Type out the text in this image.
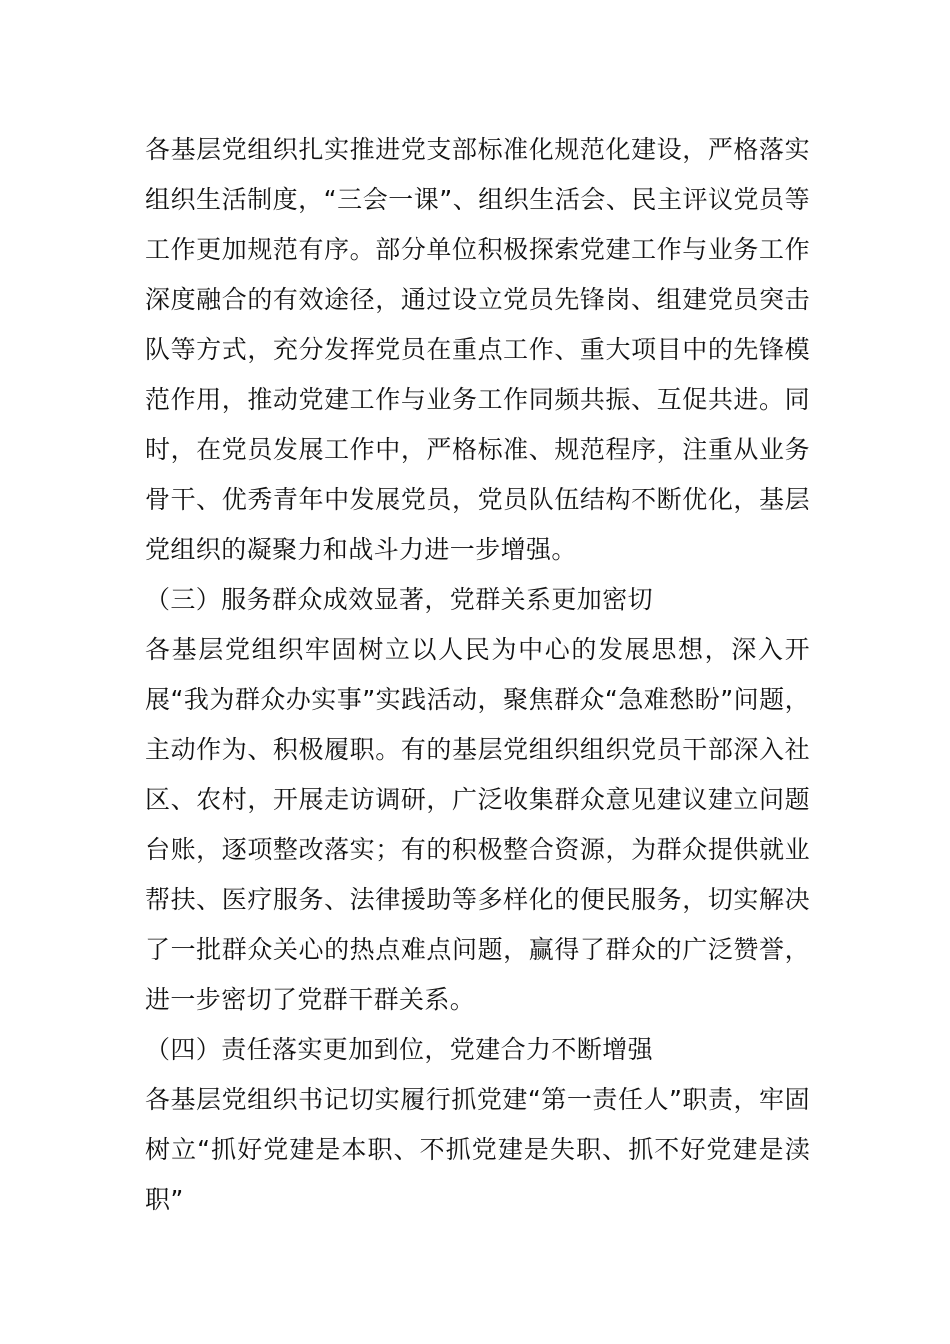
各基层党组织扎实推进党支部标准化规范化建设，严格落实组织生活制度，“三会一课”、组织生活会、民主评议党员等工作更加规范有序。部分单位积极探索党建工作与业务工作深度融合的有效途径，通过设立党员先锋岗、组建党员突击队等方式，充分发挥党员在重点工作、重大项目中的先锋模范作用，推动党建工作与业务工作同频共振、互促共进。同时，在党员发展工作中，严格标准、规范程序，注重从业务骨干、优秀青年中发展党员，党员队伍结构不断优化，基层党组织的凝聚力和战斗力进一步增强。

（三）服务群众成效显著，党群关系更加密切

各基层党组织牢固树立以人民为中心的发展思想，深入开展“我为群众办实事”实践活动，聚焦群众“急难愁盼”问题，主动作为、积极履职。有的基层党组织组织党员干部深入社区、农村，开展走访调研，广泛收集群众意见建议建立问题台账，逐项整改落实；有的积极整合资源，为群众提供就业帮扶、医疗服务、法律援助等多样化的便民服务，切实解决了一批群众关心的热点难点问题，赢得了群众的广泛赞誉，进一步密切了党群干群关系。

（四）责任落实更加到位，党建合力不断增强

各基层党组织书记切实履行抓党建“第一责任人”职责，牢固树立“抓好党建是本职、不抓党建是失职、抓不好党建是渎职”
